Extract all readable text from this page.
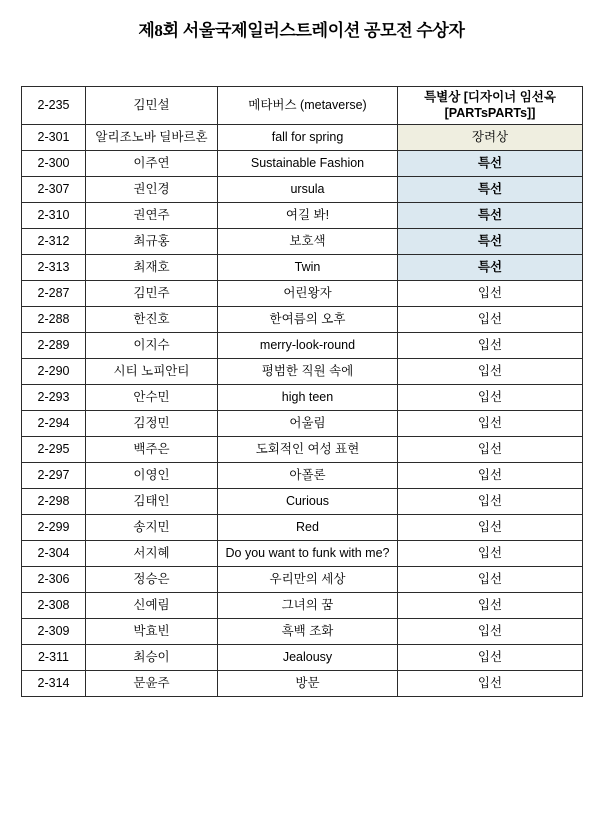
제8회 서울국제일러스트레이션 공모전 수상자
2-235	김민설	메타버스 (metaverse)	특별상 [디자이너 임선옥 [PARTsPARTs]]
2-301	알리조노바 딜바르혼	fall for spring	장려상
2-300	이주연	Sustainable Fashion	특선
2-307	권인경	ursula	특선
2-310	권연주	여길 봐!	특선
2-312	최규홍	보호색	특선
2-313	최재호	Twin	특선
2-287	김민주	어린왕자	입선
2-288	한진호	한여름의 오후	입선
2-289	이지수	merry-look-round	입선
2-290	시티 노피안티	평범한 직원 속에	입선
2-293	안수민	high teen	입선
2-294	김정민	어울림	입선
2-295	백주은	도회적인 여성 표현	입선
2-297	이영인	아폴론	입선
2-298	김태인	Curious	입선
2-299	송지민	Red	입선
2-304	서지혜	Do you want to funk with me?	입선
2-306	정승은	우리만의 세상	입선
2-308	신예림	그녀의 꿈	입선
2-309	박효빈	흑백 조화	입선
2-311	최승이	Jealousy	입선
2-314	문윤주	방문	입선
